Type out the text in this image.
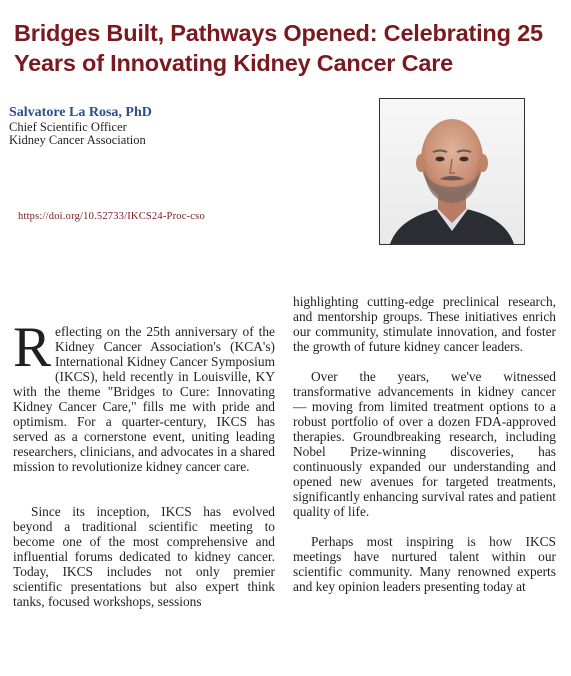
Bridges Built, Pathways Opened: Celebrating 25 Years of Innovating Kidney Cancer Care
Salvatore La Rosa, PhD
Chief Scientific Officer
Kidney Cancer Association
https://doi.org/10.52733/IKCS24-Proc-cso

Reflecting on the 25th anniversary of the Kidney Cancer Association's (KCA's) International Kidney Cancer Symposium (IKCS), held recently in Louisville, KY with the theme "Bridges to Cure: Innovating Kidney Cancer Care," fills me with pride and optimism. For a quarter-century, IKCS has served as a cornerstone event, uniting leading researchers, clinicians, and advocates in a shared mission to revolutionize kidney cancer care.

Since its inception, IKCS has evolved beyond a traditional scientific meeting to become one of the most comprehensive and influential forums dedicated to kidney cancer. Today, IKCS includes not only premier scientific presentations but also expert think tanks, focused workshops, sessions

highlighting cutting-edge preclinical research, and mentorship groups. These initiatives enrich our community, stimulate innovation, and foster the growth of future kidney cancer leaders.

Over the years, we've witnessed transformative advancements in kidney cancer — moving from limited treatment options to a robust portfolio of over a dozen FDA-approved therapies. Groundbreaking research, including Nobel Prize-winning discoveries, has continuously expanded our understanding and opened new avenues for targeted treatments, significantly enhancing survival rates and patient quality of life.

Perhaps most inspiring is how IKCS meetings have nurtured talent within our scientific community. Many renowned experts and key opinion leaders presenting today at
